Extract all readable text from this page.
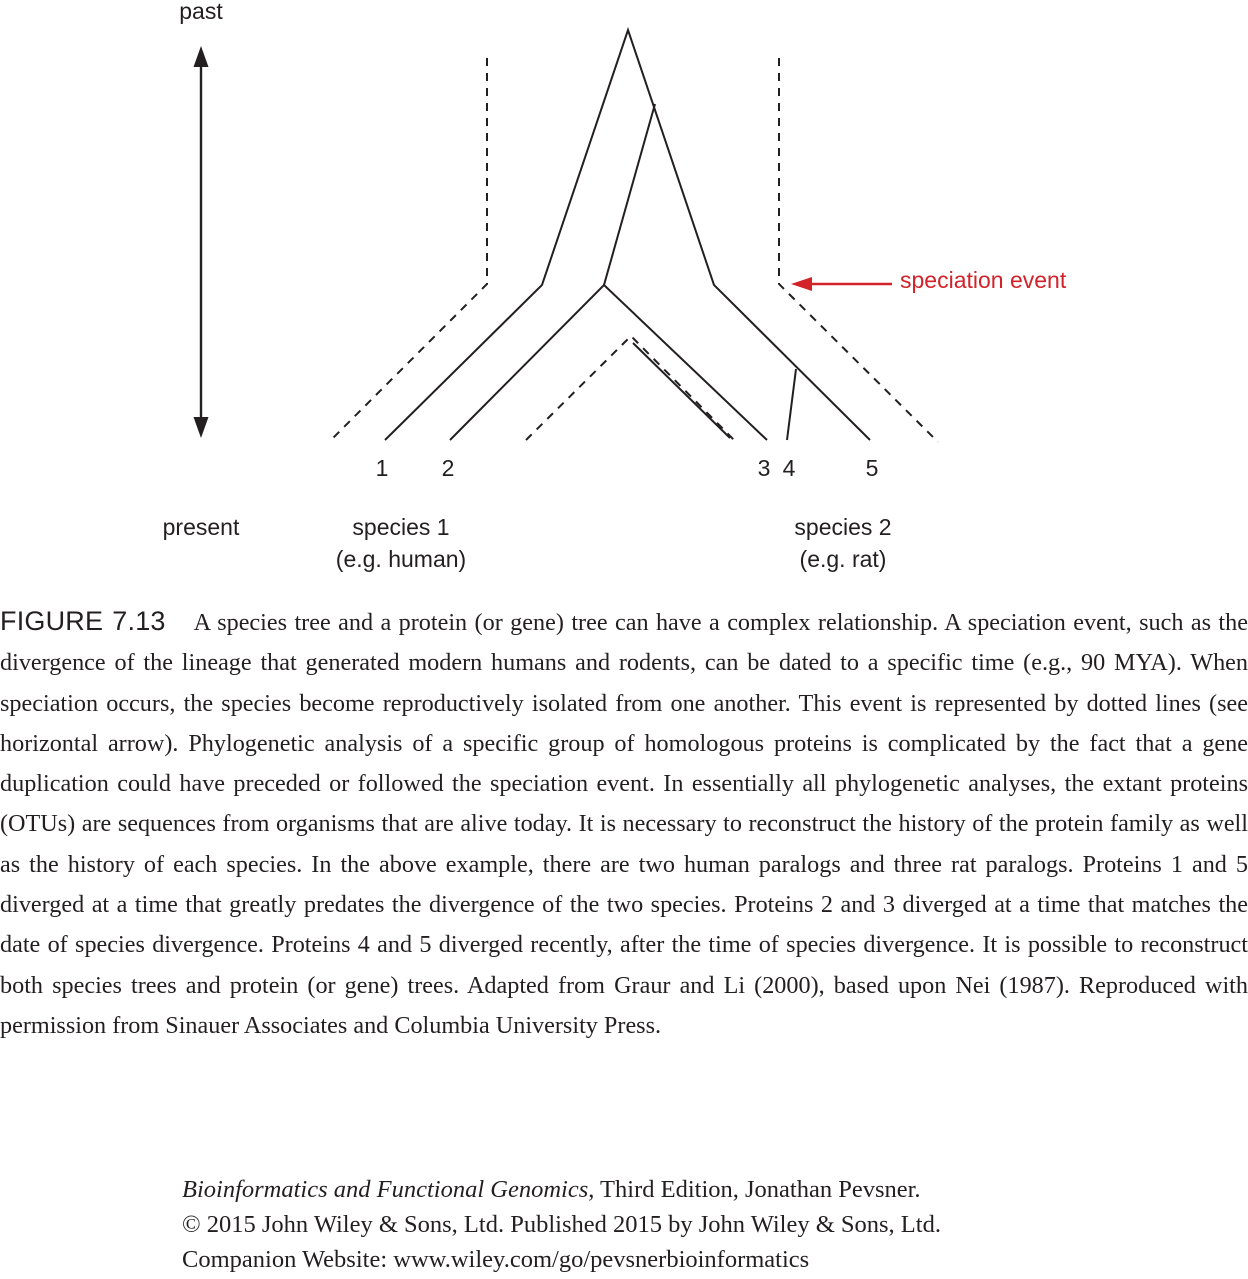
past
present
1 2	3 4	5
species 1
(e.g. human)
species 2
(e.g. rat)
speciation event

FIGURE 7.13 A species tree and a protein (or gene) tree can have a complex relationship. A speciation event, such as the divergence of the lineage that generated modern humans and rodents, can be dated to a specific time (e.g., 90 MYA). When speciation occurs, the species become reproductively isolated from one another. This event is represented by dotted lines (see horizontal arrow). Phylogenetic analysis of a specific group of homologous proteins is complicated by the fact that a gene duplication could have preceded or followed the speciation event. In essentially all phylogenetic analyses, the extant proteins (OTUs) are sequences from organisms that are alive today. It is necessary to reconstruct the history of the protein family as well as the history of each species. In the above example, there are two human paralogs and three rat paralogs. Proteins 1 and 5 diverged at a time that greatly predates the divergence of the two species. Proteins 2 and 3 diverged at a time that matches the date of species divergence. Proteins 4 and 5 diverged recently, after the time of species divergence. It is possible to reconstruct both species trees and protein (or gene) trees. Adapted from Graur and Li (2000), based upon Nei (1987). Reproduced with permission from Sinauer Associates and Columbia University Press.

Bioinformatics and Functional Genomics, Third Edition, Jonathan Pevsner.
© 2015 John Wiley & Sons, Ltd. Published 2015 by John Wiley & Sons, Ltd.
Companion Website: www.wiley.com/go/pevsnerbioinformatics
